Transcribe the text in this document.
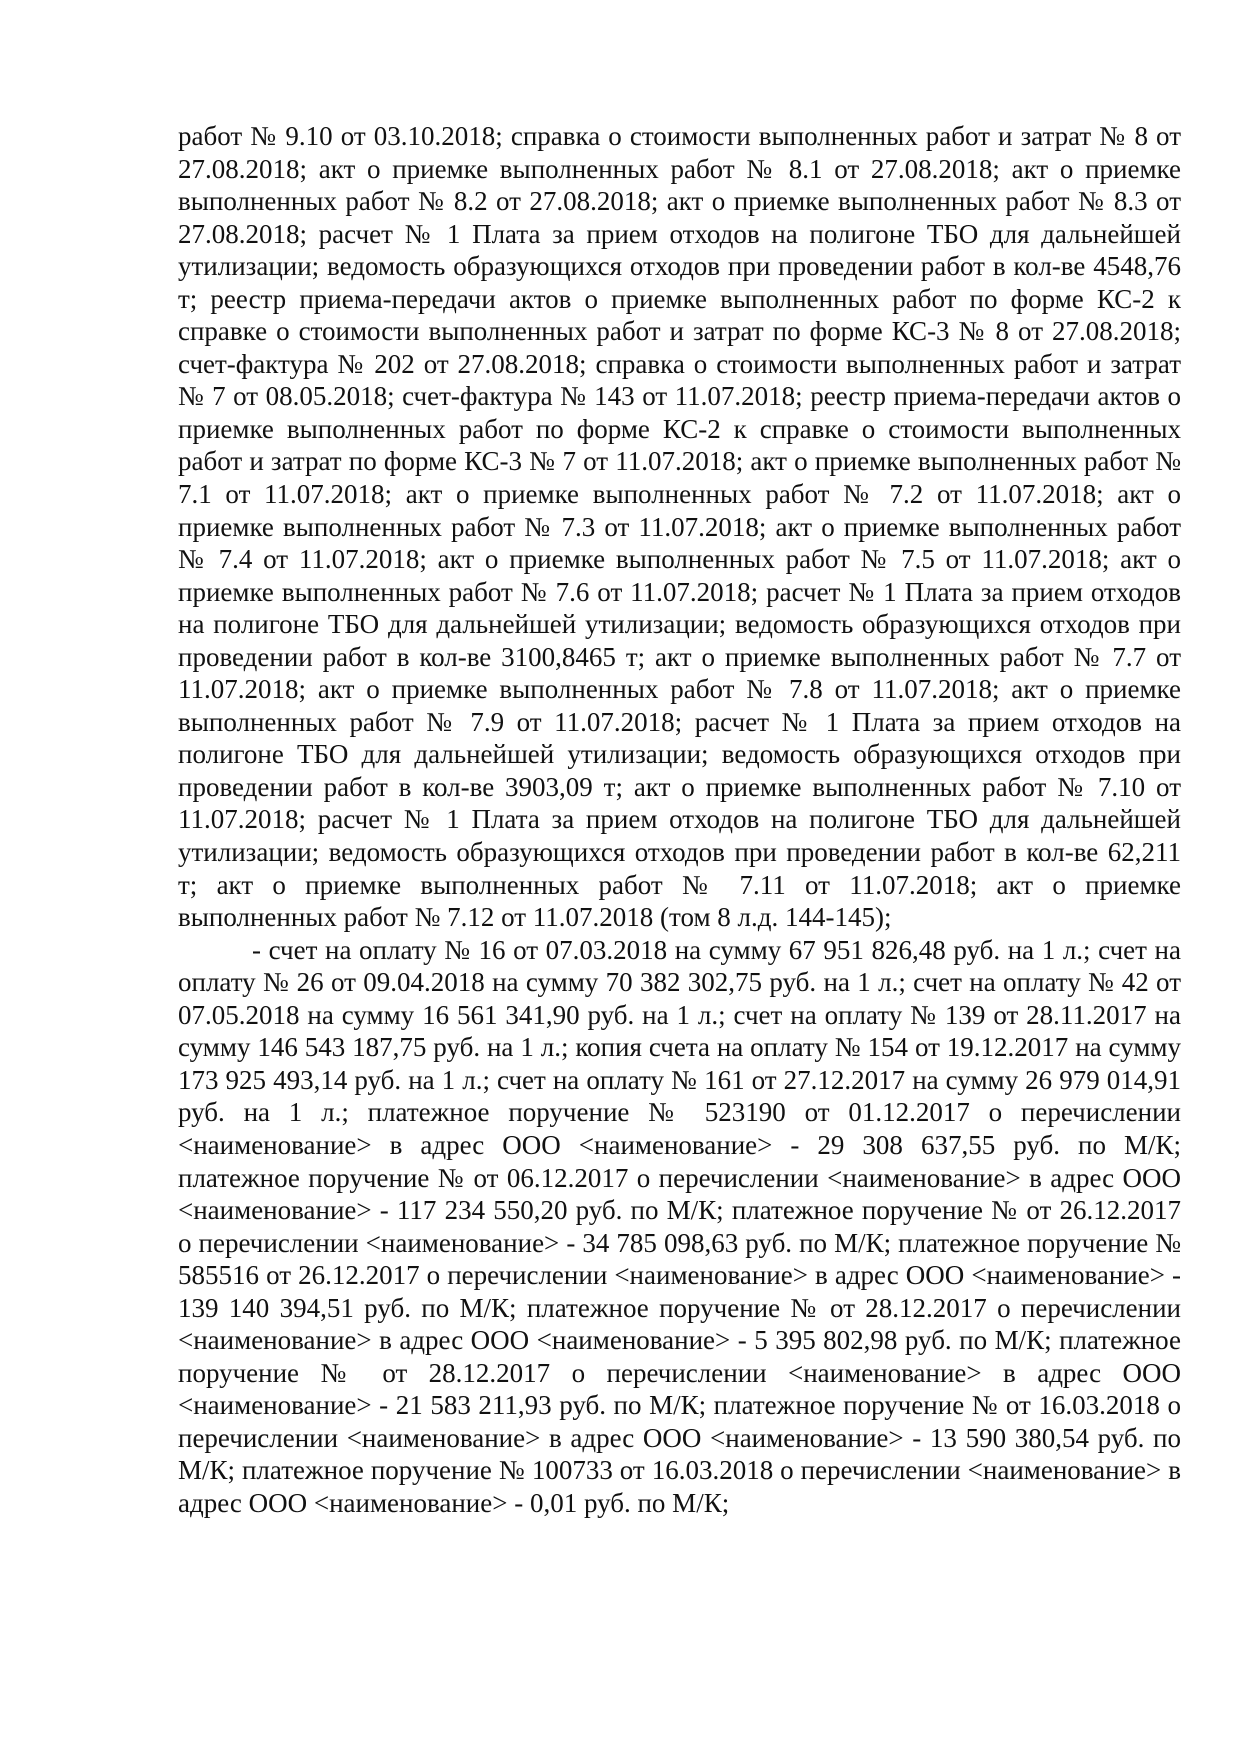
работ № 9.10 от 03.10.2018; справка о стоимости выполненных работ и затрат № 8 от 27.08.2018; акт о приемке выполненных работ № 8.1 от 27.08.2018; акт о приемке выполненных работ № 8.2 от 27.08.2018; акт о приемке выполненных работ № 8.3 от 27.08.2018; расчет № 1 Плата за прием отходов на полигоне ТБО для дальнейшей утилизации; ведомость образующихся отходов при проведении работ в кол-ве 4548,76 т; реестр приема-передачи актов о приемке выполненных работ по форме КС-2 к справке о стоимости выполненных работ и затрат по форме КС-3 № 8 от 27.08.2018; счет-фактура № 202 от 27.08.2018; справка о стоимости выполненных работ и затрат № 7 от 08.05.2018; счет-фактура № 143 от 11.07.2018; реестр приема-передачи актов о приемке выполненных работ по форме КС-2 к справке о стоимости выполненных работ и затрат по форме КС-3 № 7 от 11.07.2018; акт о приемке выполненных работ № 7.1 от 11.07.2018; акт о приемке выполненных работ № 7.2 от 11.07.2018; акт о приемке выполненных работ № 7.3 от 11.07.2018; акт о приемке выполненных работ № 7.4 от 11.07.2018; акт о приемке выполненных работ № 7.5 от 11.07.2018; акт о приемке выполненных работ № 7.6 от 11.07.2018; расчет № 1 Плата за прием отходов на полигоне ТБО для дальнейшей утилизации; ведомость образующихся отходов при проведении работ в кол-ве 3100,8465 т; акт о приемке выполненных работ № 7.7 от 11.07.2018; акт о приемке выполненных работ № 7.8 от 11.07.2018; акт о приемке выполненных работ № 7.9 от 11.07.2018; расчет № 1 Плата за прием отходов на полигоне ТБО для дальнейшей утилизации; ведомость образующихся отходов при проведении работ в кол-ве 3903,09 т; акт о приемке выполненных работ № 7.10 от 11.07.2018; расчет № 1 Плата за прием отходов на полигоне ТБО для дальнейшей утилизации; ведомость образующихся отходов при проведении работ в кол-ве 62,211 т; акт о приемке выполненных работ № 7.11 от 11.07.2018; акт о приемке выполненных работ № 7.12 от 11.07.2018 (том 8 л.д. 144-145);

- счет на оплату № 16 от 07.03.2018 на сумму 67 951 826,48 руб. на 1 л.; счет на оплату № 26 от 09.04.2018 на сумму 70 382 302,75 руб. на 1 л.; счет на оплату № 42 от 07.05.2018 на сумму 16 561 341,90 руб. на 1 л.; счет на оплату № 139 от 28.11.2017 на сумму 146 543 187,75 руб. на 1 л.; копия счета на оплату № 154 от 19.12.2017 на сумму 173 925 493,14 руб. на 1 л.; счет на оплату № 161 от 27.12.2017 на сумму 26 979 014,91 руб. на 1 л.; платежное поручение № 523190 от 01.12.2017 о перечислении <наименование> в адрес ООО <наименование> - 29 308 637,55 руб. по М/К; платежное поручение № от 06.12.2017 о перечислении <наименование> в адрес ООО <наименование> - 117 234 550,20 руб. по М/К; платежное поручение № от 26.12.2017 о перечислении <наименование> - 34 785 098,63 руб. по М/К; платежное поручение № 585516 от 26.12.2017 о перечислении <наименование> в адрес ООО <наименование> - 139 140 394,51 руб. по М/К; платежное поручение № от 28.12.2017 о перечислении <наименование> в адрес ООО <наименование> - 5 395 802,98 руб. по М/К; платежное поручение № от 28.12.2017 о перечислении <наименование> в адрес ООО <наименование> - 21 583 211,93 руб. по М/К; платежное поручение № от 16.03.2018 о перечислении <наименование> в адрес ООО <наименование> - 13 590 380,54 руб. по М/К; платежное поручение № 100733 от 16.03.2018 о перечислении <наименование> в адрес ООО <наименование> - 0,01 руб. по М/К;
